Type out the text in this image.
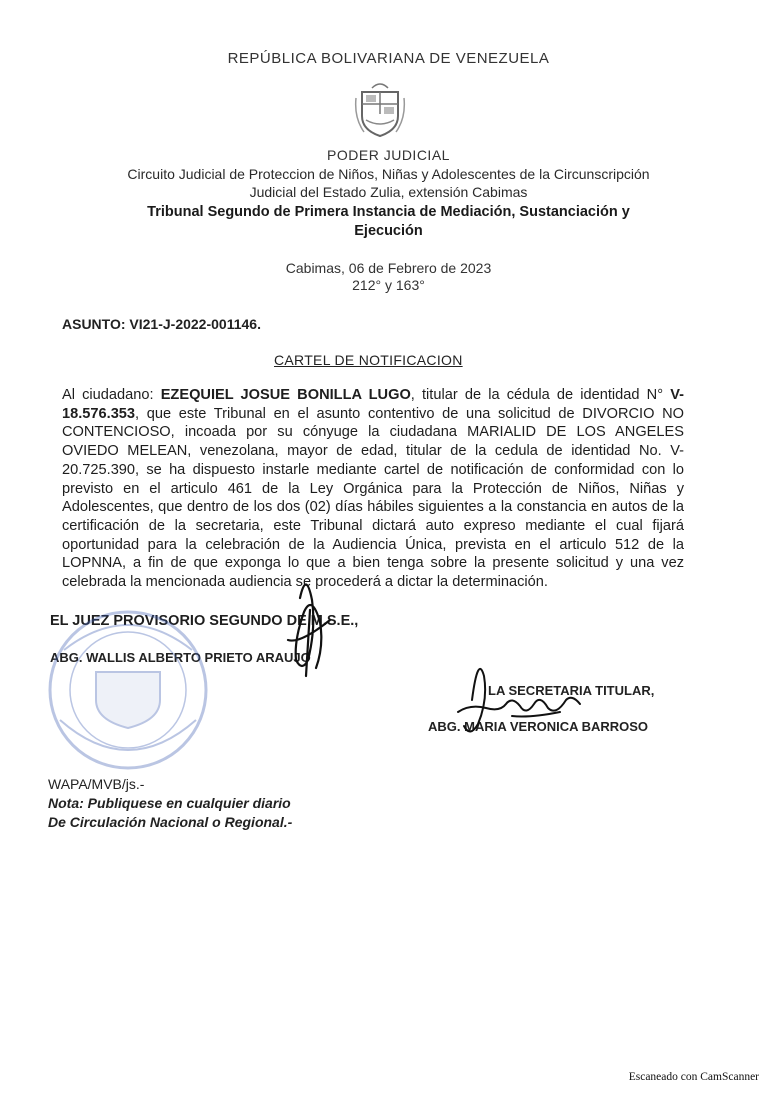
REPÚBLICA BOLIVARIANA DE VENEZUELA
PODER JUDICIAL
Circuito Judicial de Proteccion de Niños, Niñas y Adolescentes de la Circunscripción
Judicial del Estado Zulia, extensión Cabimas
Tribunal Segundo de Primera Instancia de Mediación, Sustanciación y
Ejecución
Cabimas, 06 de Febrero de 2023
212° y 163°
ASUNTO: VI21-J-2022-001146.
CARTEL DE NOTIFICACION
Al ciudadano: EZEQUIEL JOSUE BONILLA LUGO, titular de la cédula de identidad N° V-18.576.353, que este Tribunal en el asunto contentivo de una solicitud de DIVORCIO NO CONTENCIOSO, incoada por su cónyuge la ciudadana MARIALID DE LOS ANGELES OVIEDO MELEAN, venezolana, mayor de edad, titular de la cedula de identidad No. V-20.725.390, se ha dispuesto instarle mediante cartel de notificación de conformidad con lo previsto en el articulo 461 de la Ley Orgánica para la Protección de Niños, Niñas y Adolescentes, que dentro de los dos (02) días hábiles siguientes a la constancia en autos de la certificación de la secretaria, este Tribunal dictará auto expreso mediante el cual fijará oportunidad para la celebración de la Audiencia Única, prevista en el articulo 512 de la LOPNNA, a fin de que exponga lo que a bien tenga sobre la presente solicitud y una vez celebrada la mencionada audiencia se procederá a dictar la determinación.
EL JUEZ PROVISORIO SEGUNDO DE M.S.E.,
ABG. WALLIS ALBERTO PRIETO ARAUJO
LA SECRETARIA TITULAR,
ABG. MARIA VERONICA BARROSO
WAPA/MVB/js.-
Nota: Publiquese en cualquier diario
De Circulación Nacional o Regional.-
Escaneado con CamScanner
